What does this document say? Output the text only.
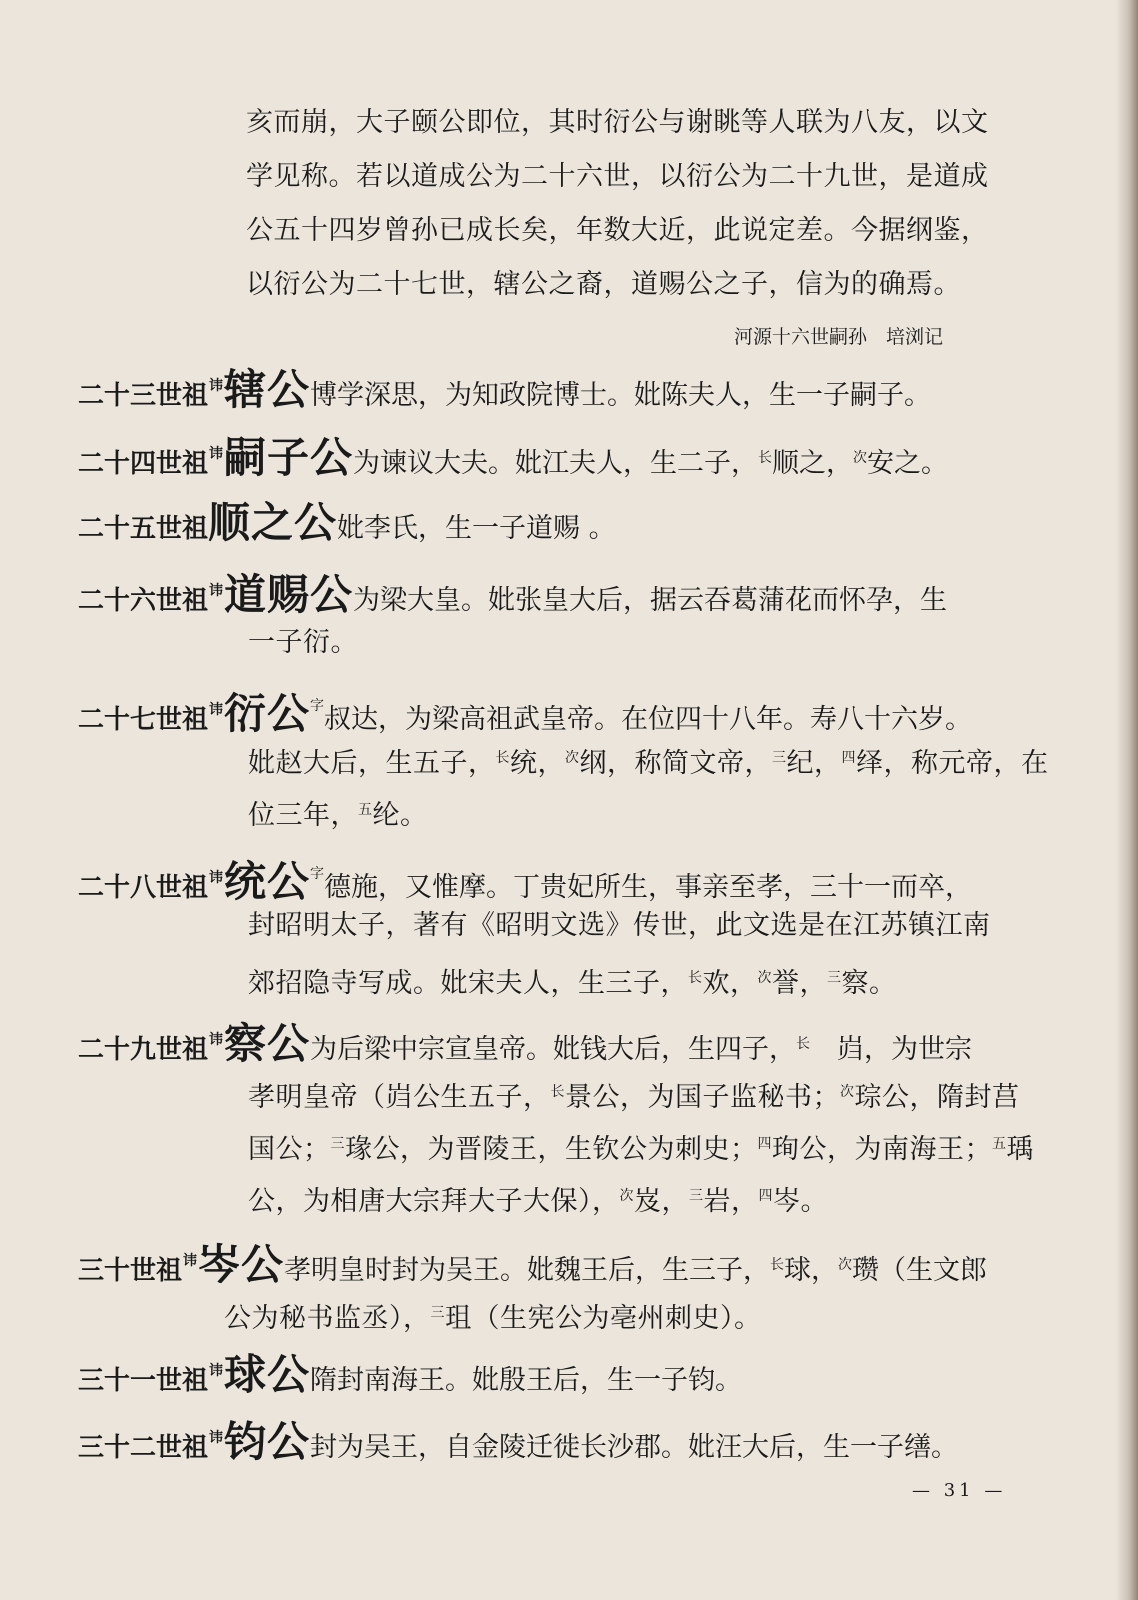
亥而崩，大子颐公即位，其时衍公与谢眺等人联为八友，以文
学见称。若以道成公为二十六世，以衍公为二十九世，是道成
公五十四岁曾孙已成长矣，年数大近，此说定差。今据纲鉴，
以衍公为二十七世，辖公之裔，道赐公之子，信为的确焉。
河源十六世嗣孙　培浏记
二十三世祖$^讳$辖公博学深思，为知政院博士。妣陈夫人，生一子嗣子。
二十四世祖$^讳$嗣子公为谏议大夫。妣江夫人，生二子，$^长$顺之，$^次$安之。
二十五世祖顺之公妣李氏，生一子道赐 。
二十六世祖$^讳$道赐公为梁大皇。妣张皇大后，据云吞葛蒲花而怀孕，生
一子衍。
二十七世祖$^讳$衍公$^字$叔达，为梁高祖武皇帝。在位四十八年。寿八十六岁。
妣赵大后，生五子，$^长$统，$^次$纲，称简文帝，$^三$纪，$^四$绎，称元帝，在
位三年，$^五$纶。
二十八世祖$^讳$统公$^字$德施，又惟摩。丁贵妃所生，事亲至孝，三十一而卒，
封昭明太子，著有《昭明文选》传世，此文选是在江苏镇江南
郊招隐寺写成。妣宋夫人，生三子，$^长$欢，$^次$誉，$^三$察。
二十九世祖$^讳$察公为后梁中宗宣皇帝。妣钱大后，生四子，$^长$　岿，为世宗
孝明皇帝（岿公生五子，$^长$景公，为国子监秘书；$^次$琮公，隋封莒
国公；$^三$瑑公，为晋陵王，生钦公为刺史；$^四$珣公，为南海王；$^五$瑀
公，为相唐大宗拜大子大保），$^次$岌，$^三$岩，$^四$岑。
三十世祖$^讳$岑公孝明皇时封为吴王。妣魏王后，生三子，$^长$球，$^次$瓒（生文郎
公为秘书监丞），$^三$珇（生宪公为亳州刺史）。
三十一世祖$^讳$球公隋封南海王。妣殷王后，生一子钧。
三十二世祖$^讳$钧公封为吴王，自金陵迁徙长沙郡。妣汪大后，生一子缮。
— 31 —
